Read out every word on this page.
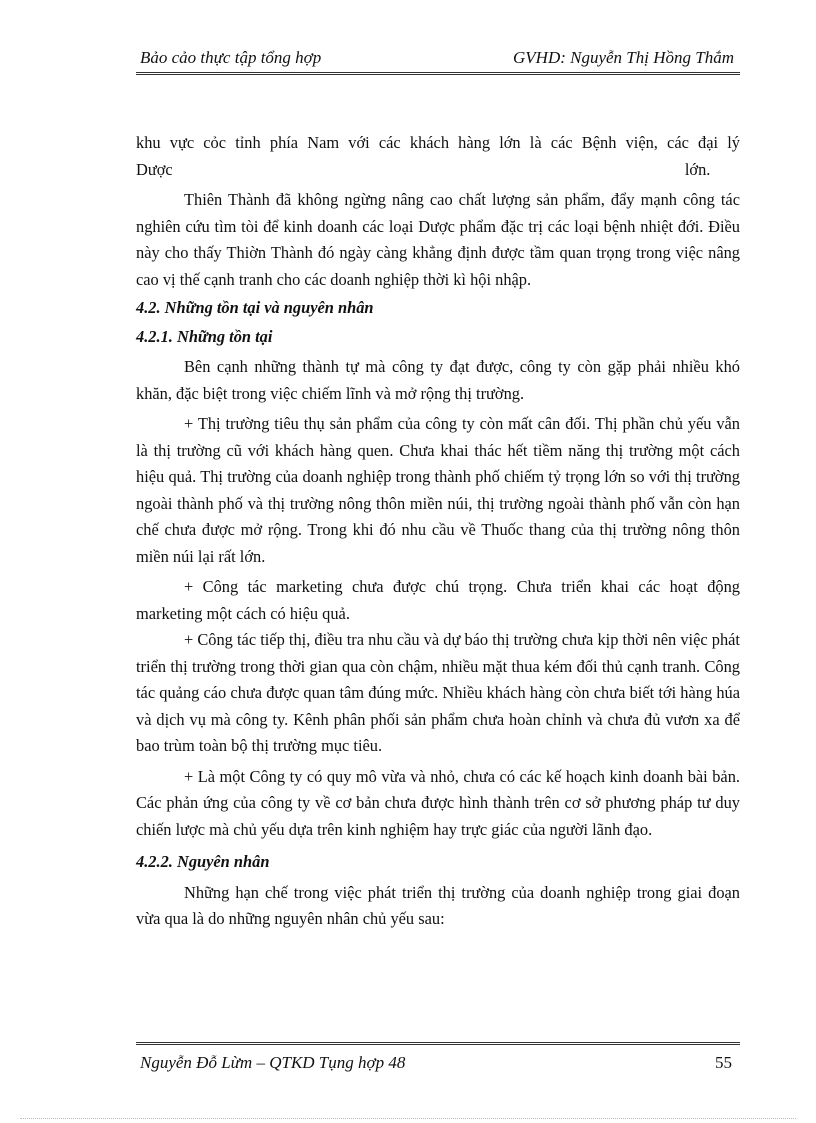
Bảo cảo thực tập tổng hợp	GVHD: Nguyễn Thị Hồng Thắm

khu vực cỏc tỉnh phía Nam với các khách hàng lớn là các Bệnh viện, các đại lý

Dược                                                                                                                             lớn.

Thiên Thành đã không ngừng nâng cao chất lượng sản phẩm, đẩy mạnh công tác nghiên cứu tìm tòi để kinh doanh các loại Dược phẩm đặc trị các loại bệnh nhiệt đới. Điều này cho thấy Thiờn Thành đó ngày càng khẳng định được tầm quan trọng trong việc nâng cao vị thế cạnh tranh cho các doanh nghiệp thời kì hội nhập.

4.2. Những tồn tại và nguyên nhân
4.2.1. Những tồn tại

Bên cạnh những thành tự mà công ty đạt được, công ty còn gặp phải nhiều khó khăn, đặc biệt trong việc chiếm lĩnh và mở rộng thị trường.

+ Thị trường tiêu thụ sản phẩm của công ty còn mất cân đối. Thị phần chủ yếu vẫn là thị trường cũ với khách hàng quen. Chưa khai thác hết tiềm năng thị trường một cách hiệu quả. Thị trường của doanh nghiệp trong thành phố chiếm tỷ trọng lớn so với thị trường ngoài thành phố và thị trường nông thôn miền núi, thị trường ngoài thành phố vẫn còn hạn chế chưa được mở rộng. Trong khi đó nhu cầu về Thuốc thang của thị trường nông thôn miền núi lại rất lớn.

+ Công tác marketing chưa được chú trọng. Chưa triển khai các hoạt động marketing một cách có hiệu quả.

+ Công tác tiếp thị, điều tra nhu cầu và dự báo thị trường chưa kịp thời nên việc phát triển thị trường trong thời gian qua còn chậm, nhiều mặt thua kém đối thủ cạnh tranh. Công tác quảng cáo chưa được quan tâm đúng mức. Nhiều khách hàng còn chưa biết tới hàng húa và dịch vụ mà công ty. Kênh phân phối sản phẩm chưa hoàn chỉnh và chưa đủ vươn xa để bao trùm toàn bộ thị trường mục tiêu.

+ Là một Công ty có quy mô vừa và nhỏ, chưa có các kế hoạch kinh doanh bài bản. Các phản ứng của công ty về cơ bản chưa được hình thành trên cơ sở phương pháp tư duy chiến lược mà chủ yếu dựa trên kinh nghiệm hay trực giác của người lãnh đạo.

4.2.2. Nguyên nhân

Những hạn chế trong việc phát triển thị trường của doanh nghiệp trong giai đoạn vừa qua là do những nguyên nhân chủ yếu sau:

Nguyễn Đỗ Lừm – QTKD Tụng hợp 48	55
